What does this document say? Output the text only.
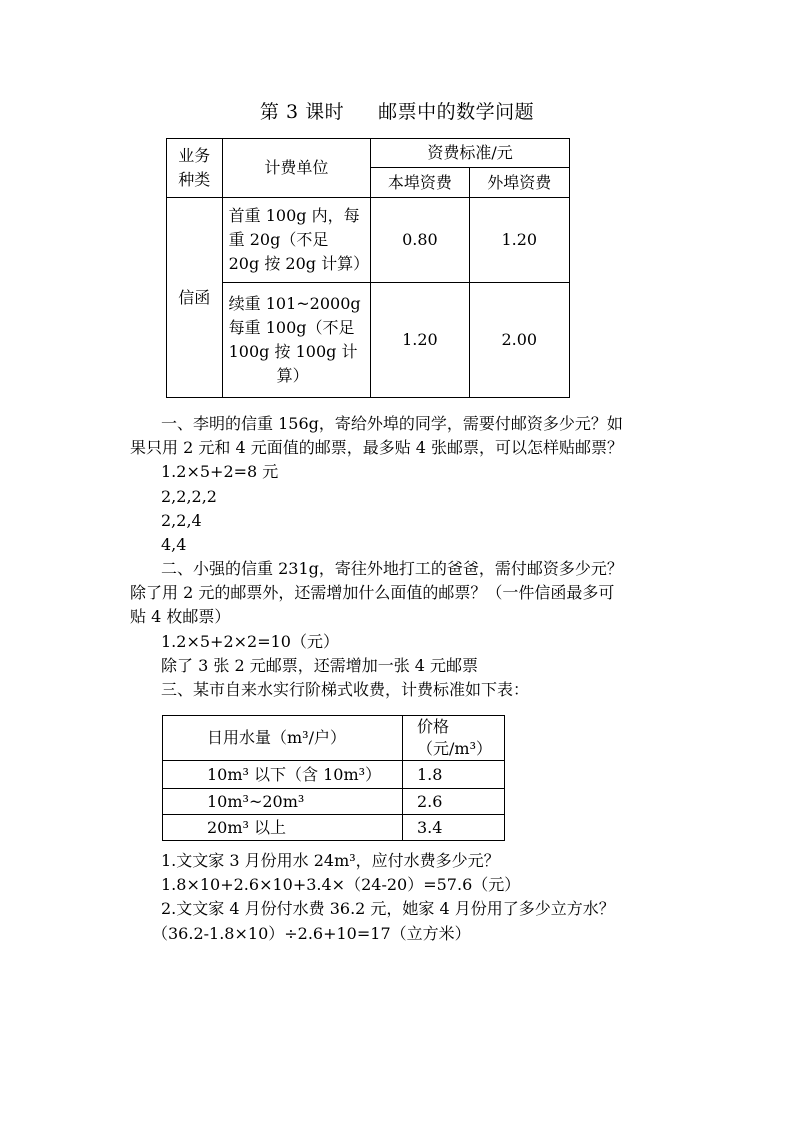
第 3 课时 邮票中的数学问题
业务
种类	计费单位	资费标准/元	
		本埠资费	外埠资费
信函	首重 100g 内，每
重 20g（不足
20g 按 20g 计算）	0.80	1.20

	续重 101~2000g
每重 100g（不足
100g 按 100g 计
算）	1.20	2.00
一、李明的信重 156g，寄给外埠的同学，需要付邮资多少元？如
果只用 2 元和 4 元面值的邮票，最多贴 4 张邮票，可以怎样贴邮票？
1.2×5+2=8 元
2,2,2,2
2,2,4
4,4
二、小强的信重 231g，寄往外地打工的爸爸，需付邮资多少元？
除了用 2 元的邮票外，还需增加什么面值的邮票？（一件信函最多可
贴 4 枚邮票）
1.2×5+2×2=10（元）
除了 3 张 2 元邮票，还需增加一张 4 元邮票
三、某市自来水实行阶梯式收费，计费标准如下表：
日用水量（m³/户）	价格（元/m³）
10m³ 以下（含 10m³）	1.8
10m³~20m³	2.6
20m³ 以上	3.4
1.文文家 3 月份用水 24m³，应付水费多少元？
1.8×10+2.6×10+3.4×（24-20）=57.6（元）
2.文文家 4 月份付水费 36.2 元，她家 4 月份用了多少立方水？
（36.2-1.8×10）÷2.6+10=17（立方米）
